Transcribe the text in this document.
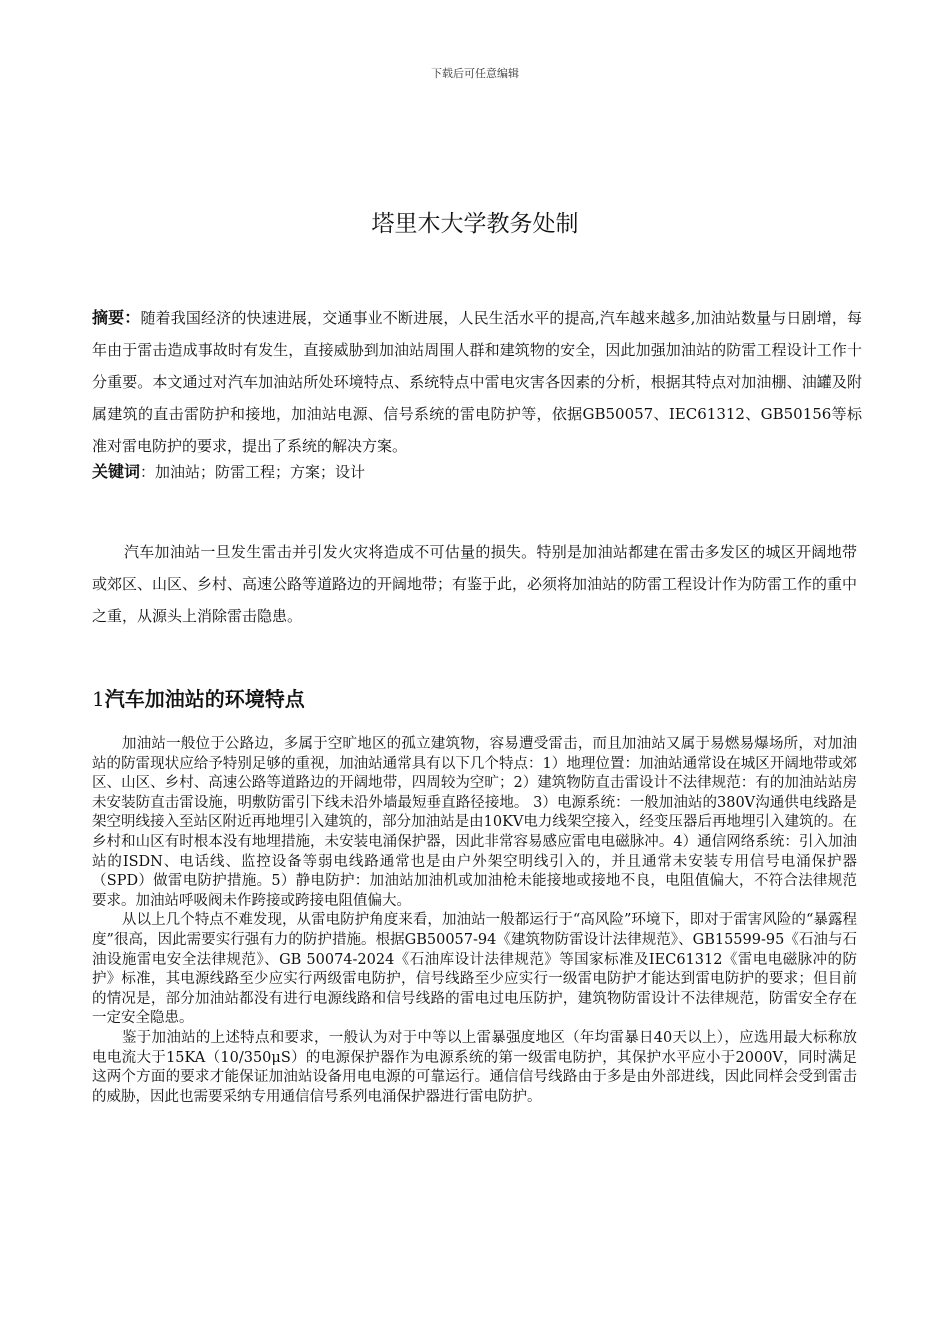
下载后可任意编辑
塔里木大学教务处制

摘要：随着我国经济的快速进展，交通事业不断进展，人民生活水平的提高,汽车越来越多,加油站数量与日剧增，每年由于雷击造成事故时有发生，直接威胁到加油站周围人群和建筑物的安全，因此加强加油站的防雷工程设计工作十分重要。本文通过对汽车加油站所处环境特点、系统特点中雷电灾害各因素的分析，根据其特点对加油棚、油罐及附属建筑的直击雷防护和接地，加油站电源、信号系统的雷电防护等，依据GB50057、IEC61312、GB50156等标准对雷电防护的要求，提出了系统的解决方案。

关键词：加油站；防雷工程；方案；设计

汽车加油站一旦发生雷击并引发火灾将造成不可估量的损失。特别是加油站都建在雷击多发区的城区开阔地带或郊区、山区、乡村、高速公路等道路边的开阔地带；有鉴于此，必须将加油站的防雷工程设计作为防雷工作的重中之重，从源头上消除雷击隐患。

1汽车加油站的环境特点

加油站一般位于公路边，多属于空旷地区的孤立建筑物，容易遭受雷击，而且加油站又属于易燃易爆场所，对加油站的防雷现状应给予特别足够的重视，加油站通常具有以下几个特点：1）地理位置：加油站通常设在城区开阔地带或郊区、山区、乡村、高速公路等道路边的开阔地带，四周较为空旷；2）建筑物防直击雷设计不法律规范：有的加油站站房未安装防直击雷设施，明敷防雷引下线未沿外墙最短垂直路径接地。 3）电源系统：一般加油站的380V沟通供电线路是架空明线接入至站区附近再地埋引入建筑的，部分加油站是由10KV电力线架空接入，经变压器后再地埋引入建筑的。在乡村和山区有时根本没有地埋措施，未安装电涌保护器，因此非常容易感应雷电电磁脉冲。4）通信网络系统：引入加油站的ISDN、电话线、监控设备等弱电线路通常也是由户外架空明线引入的，并且通常未安装专用信号电涌保护器（SPD）做雷电防护措施。5）静电防护：加油站加油机或加油枪未能接地或接地不良，电阻值偏大，不符合法律规范要求。加油站呼吸阀未作跨接或跨接电阻值偏大。

从以上几个特点不难发现，从雷电防护角度来看，加油站一般都运行于“高风险”环境下，即对于雷害风险的“暴露程度”很高，因此需要实行强有力的防护措施。根据GB50057-94《建筑物防雷设计法律规范》、GB15599-95《石油与石油设施雷电安全法律规范》、GB 50074-2024《石油库设计法律规范》等国家标准及IEC61312《雷电电磁脉冲的防护》标准，其电源线路至少应实行两级雷电防护，信号线路至少应实行一级雷电防护才能达到雷电防护的要求；但目前的情况是，部分加油站都没有进行电源线路和信号线路的雷电过电压防护，建筑物防雷设计不法律规范，防雷安全存在一定安全隐患。

鉴于加油站的上述特点和要求，一般认为对于中等以上雷暴强度地区（年均雷暴日40天以上），应选用最大标称放电电流大于15KA（10/350μS）的电源保护器作为电源系统的第一级雷电防护，其保护水平应小于2000V，同时满足这两个方面的要求才能保证加油站设备用电电源的可靠运行。通信信号线路由于多是由外部进线，因此同样会受到雷击的威胁，因此也需要采纳专用通信信号系列电涌保护器进行雷电防护。
